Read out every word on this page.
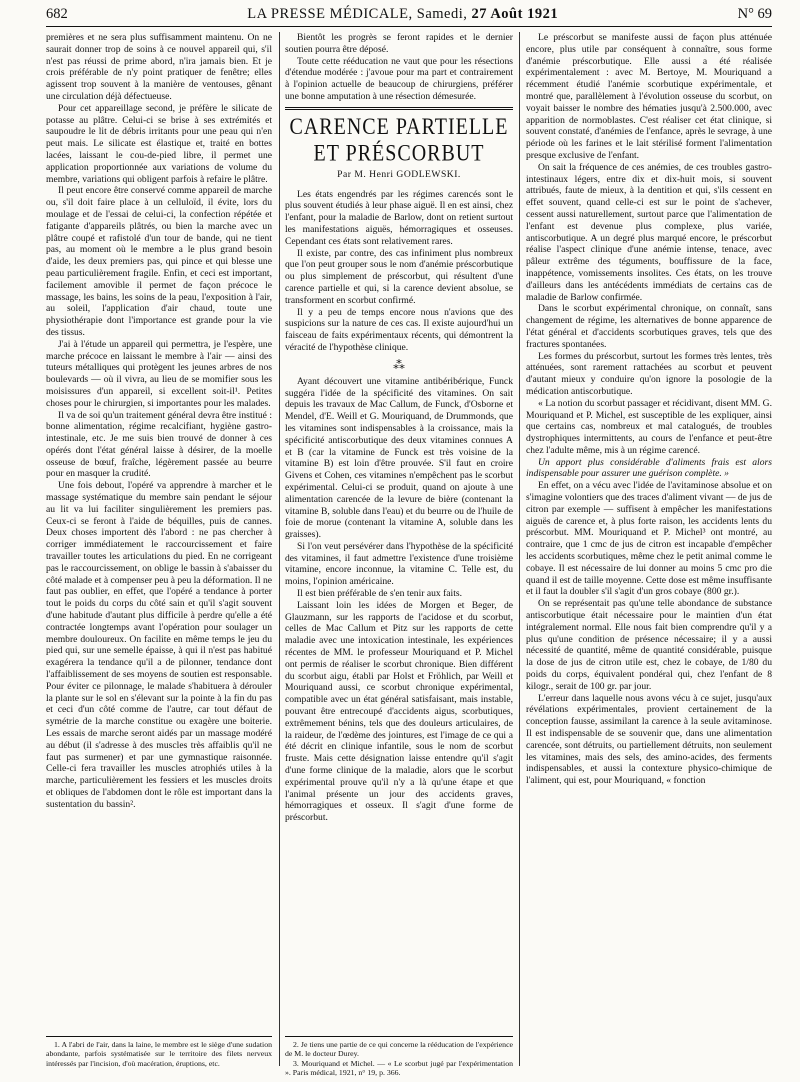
682	LA PRESSE MÉDICALE, Samedi, 27 Août 1921	N° 69

premières et ne sera plus suffisamment maintenu. On ne saurait donner trop de soins à ce nouvel appareil qui, s'il n'est pas réussi de prime abord, n'ira jamais bien. Et je crois préférable de n'y point pratiquer de fenêtre; elles agissent trop souvent à la manière de ventouses, gênant une circulation déjà défectueuse.

Pour cet appareillage second, je préfère le silicate de potasse au plâtre. Celui-ci se brise à ses extrémités et saupoudre le lit de débris irritants pour une peau qui n'en peut mais. Le silicate est élastique et, traité en bottes lacées, laissant le cou-de-pied libre, il permet une application proportionnée aux variations de volume du membre, variations qui obligent parfois à refaire le plâtre.

Il peut encore être conservé comme appareil de marche ou, s'il doit faire place à un celluloïd, il évite, lors du moulage et de l'essai de celui-ci, la confection répétée et fatigante d'appareils plâtrés, ou bien la marche avec un plâtre coupé et rafistolé d'un tour de bande, qui ne tient pas, au moment où le membre a le plus grand besoin d'aide, les deux premiers pas, qui pince et qui blesse une peau particulièrement fragile. Enfin, et ceci est important, facilement amovible il permet de façon précoce le massage, les bains, les soins de la peau, l'exposition à l'air, au soleil, l'application d'air chaud, toute une physiothérapie dont l'importance est grande pour la vie des tissus.

J'ai à l'étude un appareil qui permettra, je l'espère, une marche précoce en laissant le membre à l'air — ainsi des tuteurs métalliques qui protègent les jeunes arbres de nos boulevards — où il vivra, au lieu de se momifier sous les moisissures d'un appareil, si excellent soit-il¹. Petites choses pour le chirurgien, si importantes pour les malades.

Il va de soi qu'un traitement général devra être institué : bonne alimentation, régime recalcifiant, hygiène gastro-intestinale, etc. Je me suis bien trouvé de donner à ces opérés dont l'état général laisse à désirer, de la moelle osseuse de bœuf, fraîche, légèrement passée au beurre pour en masquer la crudité.

Une fois debout, l'opéré va apprendre à marcher et le massage systématique du membre sain pendant le séjour au lit va lui faciliter singulièrement les premiers pas. Ceux-ci se feront à l'aide de béquilles, puis de cannes. Deux choses importent dès l'abord : ne pas chercher à corriger immédiatement le raccourcissement et faire travailler toutes les articulations du pied. En ne corrigeant pas le raccourcissement, on oblige le bassin à s'abaisser du côté malade et à compenser peu à peu la déformation. Il ne faut pas oublier, en effet, que l'opéré a tendance à porter tout le poids du corps du côté sain et qu'il s'agit souvent d'une habitude d'autant plus difficile à perdre qu'elle a été contractée longtemps avant l'opération pour soulager un membre douloureux. On facilite en même temps le jeu du pied qui, sur une semelle épaisse, à qui il n'est pas habitué exagérera la tendance qu'il a de pilonner, tendance dont l'affaiblissement de ses moyens de soutien est responsable. Pour éviter ce pilonnage, le malade s'habituera à dérouler la plante sur le sol en s'élevant sur la pointe à la fin du pas et ceci d'un côté comme de l'autre, car tout défaut de symétrie de la marche constitue ou exagère une boiterie. Les essais de marche seront aidés par un massage modéré au début (il s'adresse à des muscles très affaiblis qu'il ne faut pas surmener) et par une gymnastique raisonnée. Celle-ci fera travailler les muscles atrophiés utiles à la marche, particulièrement les fessiers et les muscles droits et obliques de l'abdomen dont le rôle est important dans la sustentation du bassin².

1. A l'abri de l'air, dans la laine, le membre est le siège d'une sudation abondante, parfois systématisée sur le territoire des filets nerveux intéressés par l'incision, d'où macération, éruptions, etc.

Bientôt les progrès se feront rapides et le dernier soutien pourra être déposé.

Toute cette rééducation ne vaut que pour les résections d'étendue modérée : j'avoue pour ma part et contrairement à l'opinion actuelle de beaucoup de chirurgiens, préférer une bonne amputation à une résection démesurée.

CARENCE PARTIELLE
ET PRÉSCORBUT
Par M. Henri GODLEWSKI.

Les états engendrés par les régimes carencés sont le plus souvent étudiés à leur phase aiguë. Il en est ainsi, chez l'enfant, pour la maladie de Barlow, dont on retient surtout les manifestations aiguës, hémorragiques et osseuses. Cependant ces états sont relativement rares.

Il existe, par contre, des cas infiniment plus nombreux que l'on peut grouper sous le nom d'anémie préscorbutique ou plus simplement de préscorbut, qui résultent d'une carence partielle et qui, si la carence devient absolue, se transforment en scorbut confirmé.

Il y a peu de temps encore nous n'avions que des suspicions sur la nature de ces cas. Il existe aujourd'hui un faisceau de faits expérimentaux récents, qui démontrent la véracité de l'hypothèse clinique.

⁂

Ayant découvert une vitamine antibéribérique, Funck suggéra l'idée de la spécificité des vitamines. On sait depuis les travaux de Mac Callum, de Funck, d'Osborne et Mendel, d'E. Weill et G. Mouriquand, de Drummonds, que les vitamines sont indispensables à la croissance, mais la spécificité antiscorbutique des deux vitamines connues A et B (car la vitamine de Funck est très voisine de la vitamine B) est loin d'être prouvée. S'il faut en croire Givens et Cohen, ces vitamines n'empêchent pas le scorbut expérimental. Celui-ci se produit, quand on ajoute à une alimentation carencée de la levure de bière (contenant la vitamine B, soluble dans l'eau) et du beurre ou de l'huile de foie de morue (contenant la vitamine A, soluble dans les graisses).

Si l'on veut persévérer dans l'hypothèse de la spécificité des vitamines, il faut admettre l'existence d'une troisième vitamine, encore inconnue, la vitamine C. Telle est, du moins, l'opinion américaine.

Il est bien préférable de s'en tenir aux faits.

Laissant loin les idées de Morgen et Beger, de Glauzmann, sur les rapports de l'acidose et du scorbut, celles de Mac Callum et Pitz sur les rapports de cette maladie avec une intoxication intestinale, les expériences récentes de MM. le professeur Mouriquand et P. Michel ont permis de réaliser le scorbut chronique. Bien différent du scorbut aigu, établi par Holst et Fröhlich, par Weill et Mouriquand aussi, ce scorbut chronique expérimental, compatible avec un état général satisfaisant, mais instable, pouvant être entrecoupé d'accidents aigus, scorbutiques, extrêmement bénins, tels que des douleurs articulaires, de la raideur, de l'œdème des jointures, est l'image de ce qui a été décrit en clinique infantile, sous le nom de scorbut fruste. Mais cette désignation laisse entendre qu'il s'agit d'une forme clinique de la maladie, alors que le scorbut expérimental prouve qu'il n'y a là qu'une étape et que l'animal présente un jour des accidents graves, hémorragiques et osseux. Il s'agit d'une forme de préscorbut.

2. Je tiens une partie de ce qui concerne la rééducation de l'expérience de M. le docteur Durey.

3. Mouriquand et Michel. — « Le scorbut jugé par l'expérimentation ». Paris médical, 1921, n° 19, p. 366.

Le préscorbut se manifeste aussi de façon plus atténuée encore, plus utile par conséquent à connaître, sous forme d'anémie préscorbutique. Elle aussi a été réalisée expérimentalement : avec M. Bertoye, M. Mouriquand a récemment étudié l'anémie scorbutique expérimentale, et montré que, parallèlement à l'évolution osseuse du scorbut, on voyait baisser le nombre des hématies jusqu'à 2.500.000, avec apparition de normoblastes. C'est réaliser cet état clinique, si souvent constaté, d'anémies de l'enfance, après le sevrage, à une période où les farines et le lait stérilisé forment l'alimentation presque exclusive de l'enfant.

On sait la fréquence de ces anémies, de ces troubles gastro-intestinaux légers, entre dix et dix-huit mois, si souvent attribués, faute de mieux, à la dentition et qui, s'ils cessent en effet souvent, quand celle-ci est sur le point de s'achever, cessent aussi naturellement, surtout parce que l'alimentation de l'enfant est devenue plus complexe, plus variée, antiscorbutique. A un degré plus marqué encore, le préscorbut réalise l'aspect clinique d'une anémie intense, tenace, avec pâleur extrême des téguments, bouffissure de la face, inappétence, vomissements insolites. Ces états, on les trouve d'ailleurs dans les antécédents immédiats de certains cas de maladie de Barlow confirmée.

Dans le scorbut expérimental chronique, on connaît, sans changement de régime, les alternatives de bonne apparence de l'état général et d'accidents scorbutiques graves, tels que des fractures spontanées.

Les formes du préscorbut, surtout les formes très lentes, très atténuées, sont rarement rattachées au scorbut et peuvent d'autant mieux y conduire qu'on ignore la posologie de la médication antiscorbutique.

« La notion du scorbut passager et récidivant, disent MM. G. Mouriquand et P. Michel, est susceptible de les expliquer, ainsi que certains cas, nombreux et mal catalogués, de troubles dystrophiques intermittents, au cours de l'enfance et peut-être chez l'adulte même, mis à un régime carencé.

Un apport plus considérable d'aliments frais est alors indispensable pour assurer une guérison complète. »

En effet, on a vécu avec l'idée de l'avitaminose absolue et on s'imagine volontiers que des traces d'aliment vivant — de jus de citron par exemple — suffisent à empêcher les manifestations aiguës de carence et, à plus forte raison, les accidents lents du préscorbut. MM. Mouriquand et P. Michel³ ont montré, au contraire, que 1 cmc de jus de citron est incapable d'empêcher les accidents scorbutiques, même chez le petit animal comme le cobaye. Il est nécessaire de lui donner au moins 5 cmc pro die quand il est de taille moyenne. Cette dose est même insuffisante et il faut la doubler s'il s'agit d'un gros cobaye (800 gr.).

On se représentait pas qu'une telle abondance de substance antiscorbutique était nécessaire pour le maintien d'un état intégralement normal. Elle nous fait bien comprendre qu'il y a plus qu'une condition de présence nécessaire; il y a aussi nécessité de quantité, même de quantité considérable, puisque la dose de jus de citron utile est, chez le cobaye, de 1/80 du poids du corps, équivalent pondéral qui, chez l'enfant de 8 kilogr., serait de 100 gr. par jour.

L'erreur dans laquelle nous avons vécu à ce sujet, jusqu'aux révélations expérimentales, provient certainement de la conception fausse, assimilant la carence à la seule avitaminose. Il est indispensable de se souvenir que, dans une alimentation carencée, sont détruits, ou partiellement détruits, non seulement les vitamines, mais des sels, des amino-acides, des ferments indispensables, et aussi la contexture physico-chimique de l'aliment, qui est, pour Mouriquand, « fonction
